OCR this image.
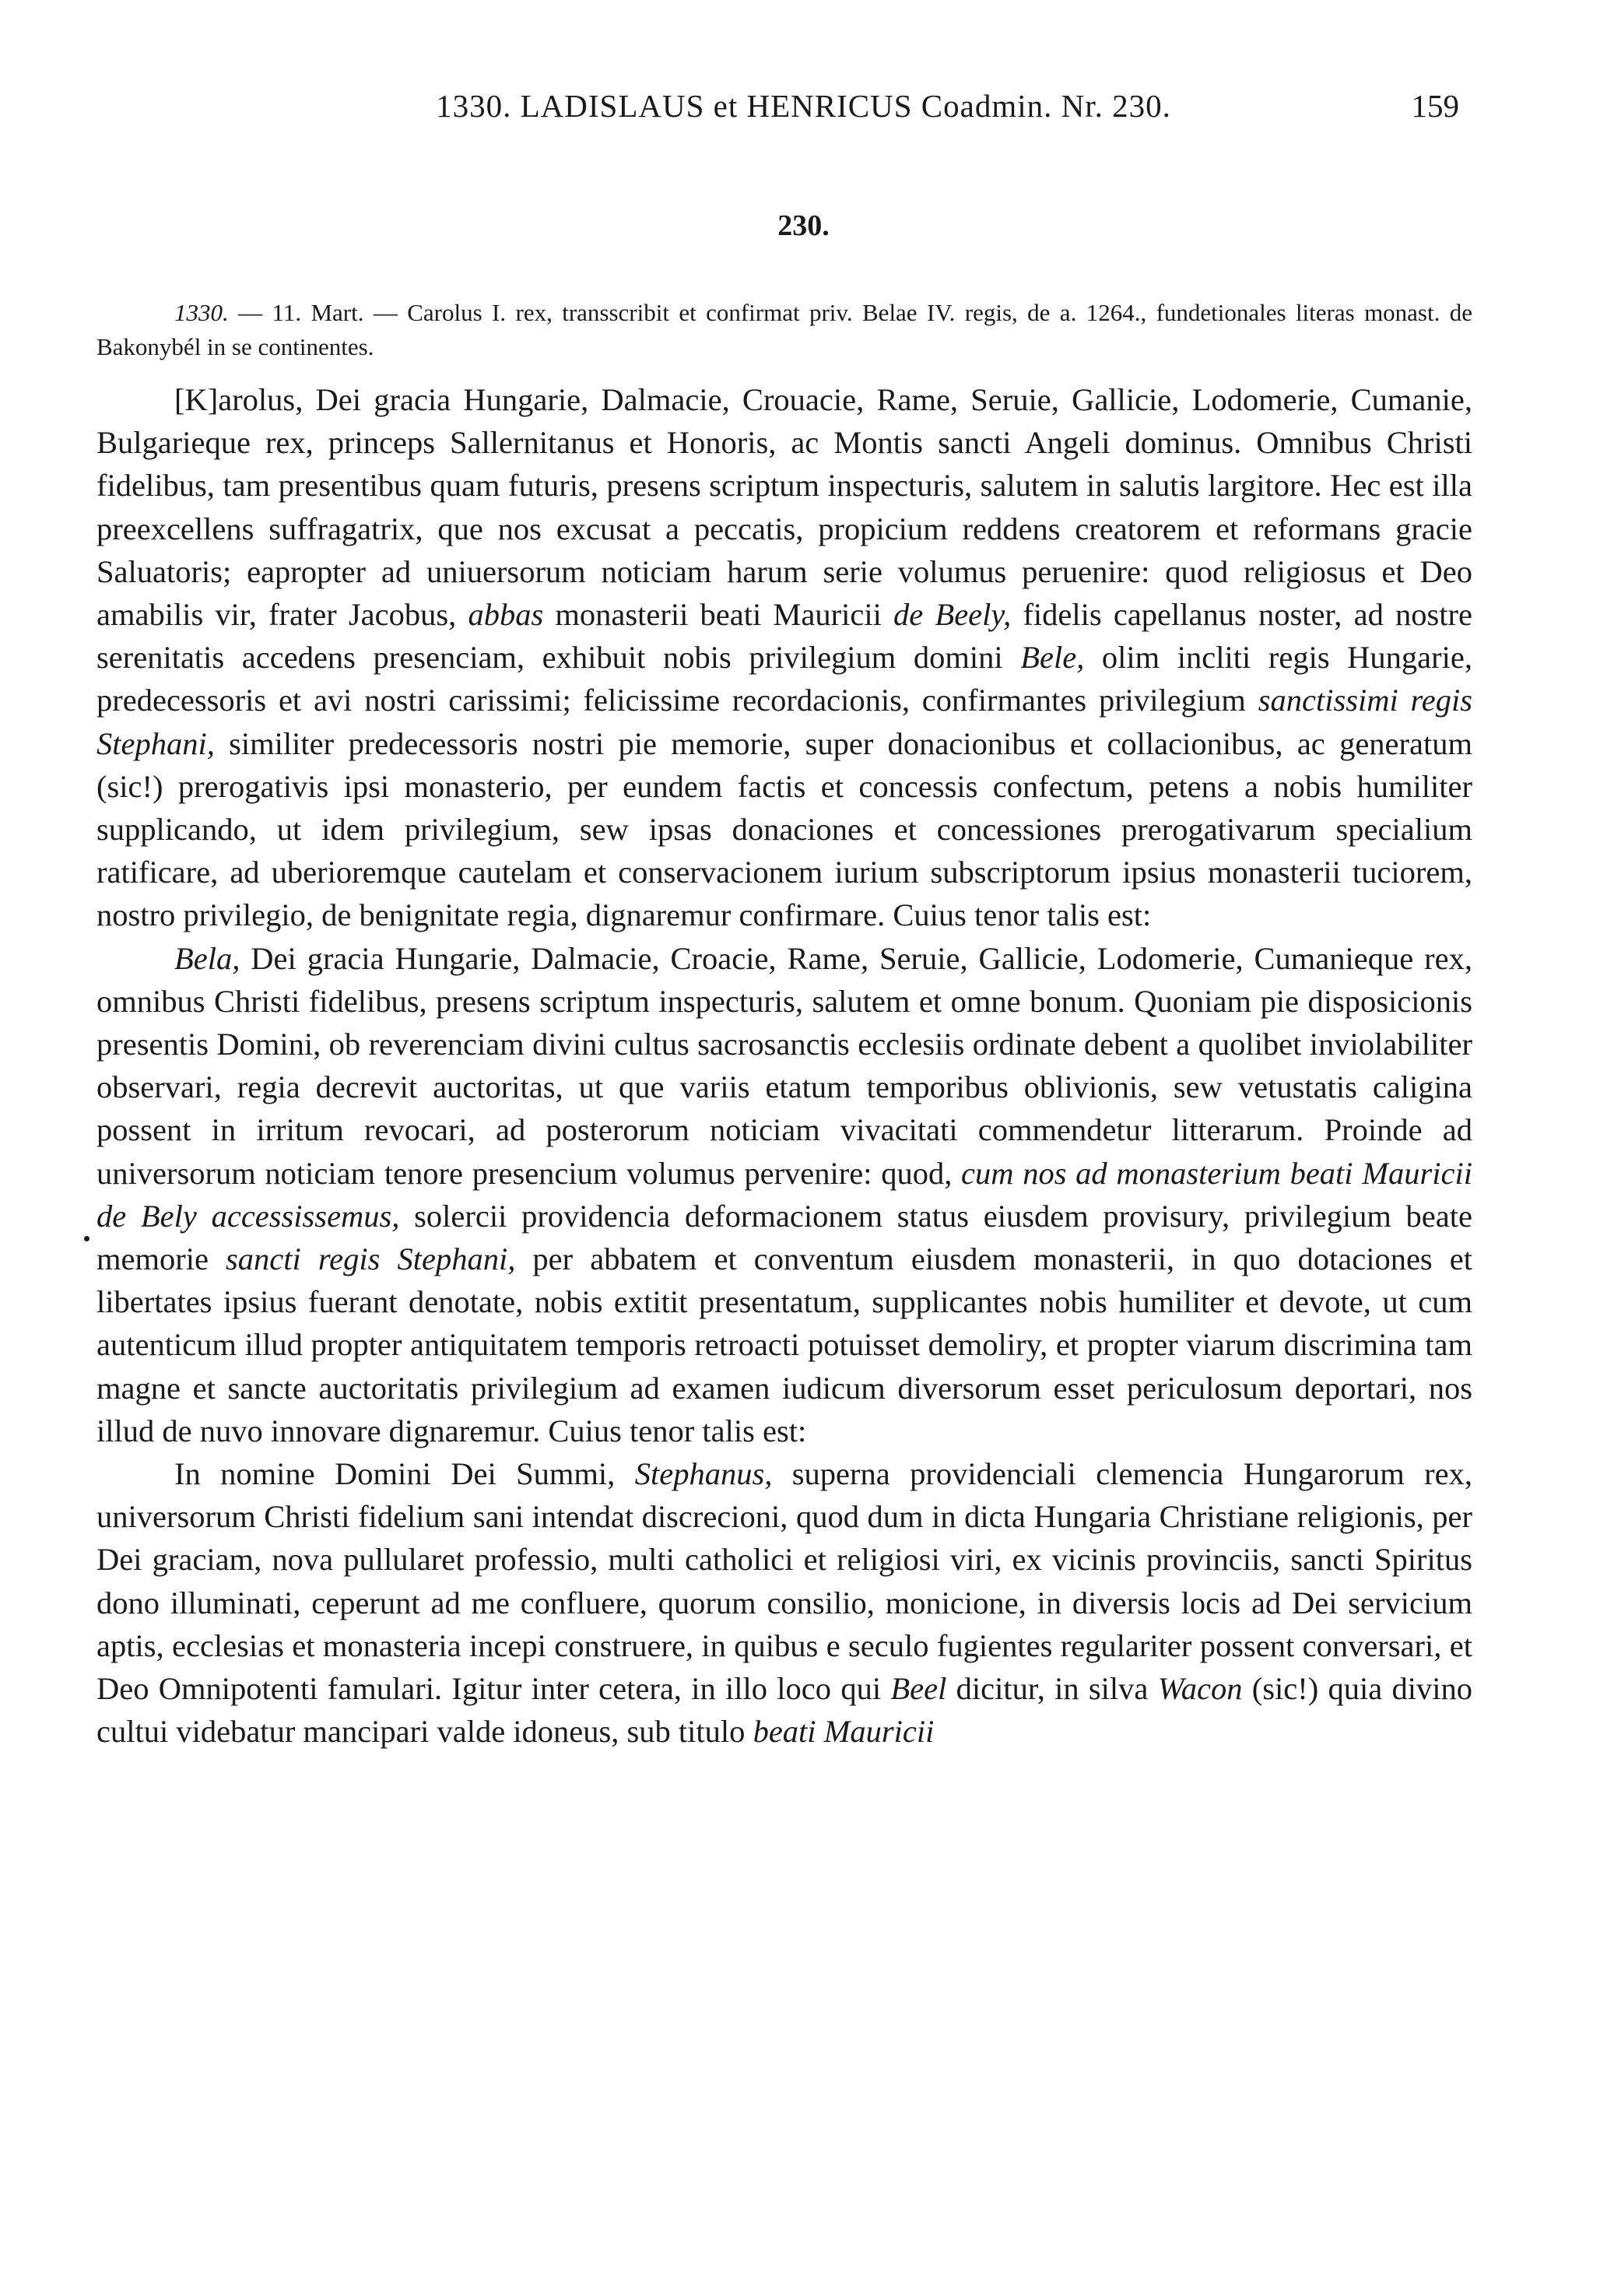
1330. LADISLAUS et HENRICUS Coadmin. Nr. 230.	159
230.
1330. — 11. Mart. — Carolus I. rex, transscribit et confirmat priv. Belae IV. regis, de a. 1264., fundetionales literas monast. de Bakonybél in se continentes.

[K]arolus, Dei gracia Hungarie, Dalmacie, Crouacie, Rame, Seruie, Gallicie, Lodomerie, Cumanie, Bulgarieque rex, princeps Sallernitanus et Honoris, ac Montis sancti Angeli dominus. Omnibus Christi fidelibus, tam presentibus quam futuris, presens scriptum inspecturis, salutem in salutis largitore. Hec est illa preexcellens suffragatrix, que nos excusat a peccatis, propicium reddens creatorem et reformans gracie Saluatoris; eapropter ad uniuersorum noticiam harum serie volumus peruenire: quod religiosus et Deo amabilis vir, frater Jacobus, abbas monasterii beati Mauricii de Beely, fidelis capellanus noster, ad nostre serenitatis accedens presenciam, exhibuit nobis privilegium domini Bele, olim incliti regis Hungarie, predecessoris et avi nostri carissimi; felicissime recordacionis, confirmantes privilegium sanctissimi regis Stephani, similiter predecessoris nostri pie memorie, super donacionibus et collacionibus, ac generatum (sic!) prerogativis ipsi monasterio, per eundem factis et concessis confectum, petens a nobis humiliter supplicando, ut idem privilegium, sew ipsas donaciones et concessiones prerogativarum specialium ratificare, ad uberioremque cautelam et conservacionem iurium subscriptorum ipsius monasterii tuciorem, nostro privilegio, de benignitate regia, dignaremur confirmare. Cuius tenor talis est:

Bela, Dei gracia Hungarie, Dalmacie, Croacie, Rame, Seruie, Gallicie, Lodomerie, Cumanieque rex, omnibus Christi fidelibus, presens scriptum inspecturis, salutem et omne bonum. Quoniam pie disposicionis presentis Domini, ob reverenciam divini cultus sacrosanctis ecclesiis ordinate debent a quolibet inviolabiliter observari, regia decrevit auctoritas, ut que variis etatum temporibus oblivionis, sew vetustatis caligina possent in irritum revocari, ad posterorum noticiam vivacitati commendetur litterarum. Proinde ad universorum noticiam tenore presencium volumus pervenire: quod, cum nos ad monasterium beati Mauricii de Bely accessissemus, solercii providencia deformacionem status eiusdem provisury, privilegium beate memorie sancti regis Stephani, per abbatem et conventum eiusdem monasterii, in quo dotaciones et libertates ipsius fuerant denotate, nobis extitit presentatum, supplicantes nobis humiliter et devote, ut cum autenticum illud propter antiquitatem temporis retroacti potuisset demoliry, et propter viarum discrimina tam magne et sancte auctoritatis privilegium ad examen iudicum diversorum esset periculosum deportari, nos illud de nuvo innovare dignaremur. Cuius tenor talis est:

In nomine Domini Dei Summi, Stephanus, superna providenciali clemencia Hungarorum rex, universorum Christi fidelium sani intendat discrecioni, quod dum in dicta Hungaria Christiane religionis, per Dei graciam, nova pullularet professio, multi catholici et religiosi viri, ex vicinis provinciis, sancti Spiritus dono illuminati, ceperunt ad me confluere, quorum consilio, monicione, in diversis locis ad Dei servicium aptis, ecclesias et monasteria incepi construere, in quibus e seculo fugientes regulariter possent conversari, et Deo Omnipotenti famulari. Igitur inter cetera, in illo loco qui Beel dicitur, in silva Wacon (sic!) quia divino cultui videbatur mancipari valde idoneus, sub titulo beati Mauricii
